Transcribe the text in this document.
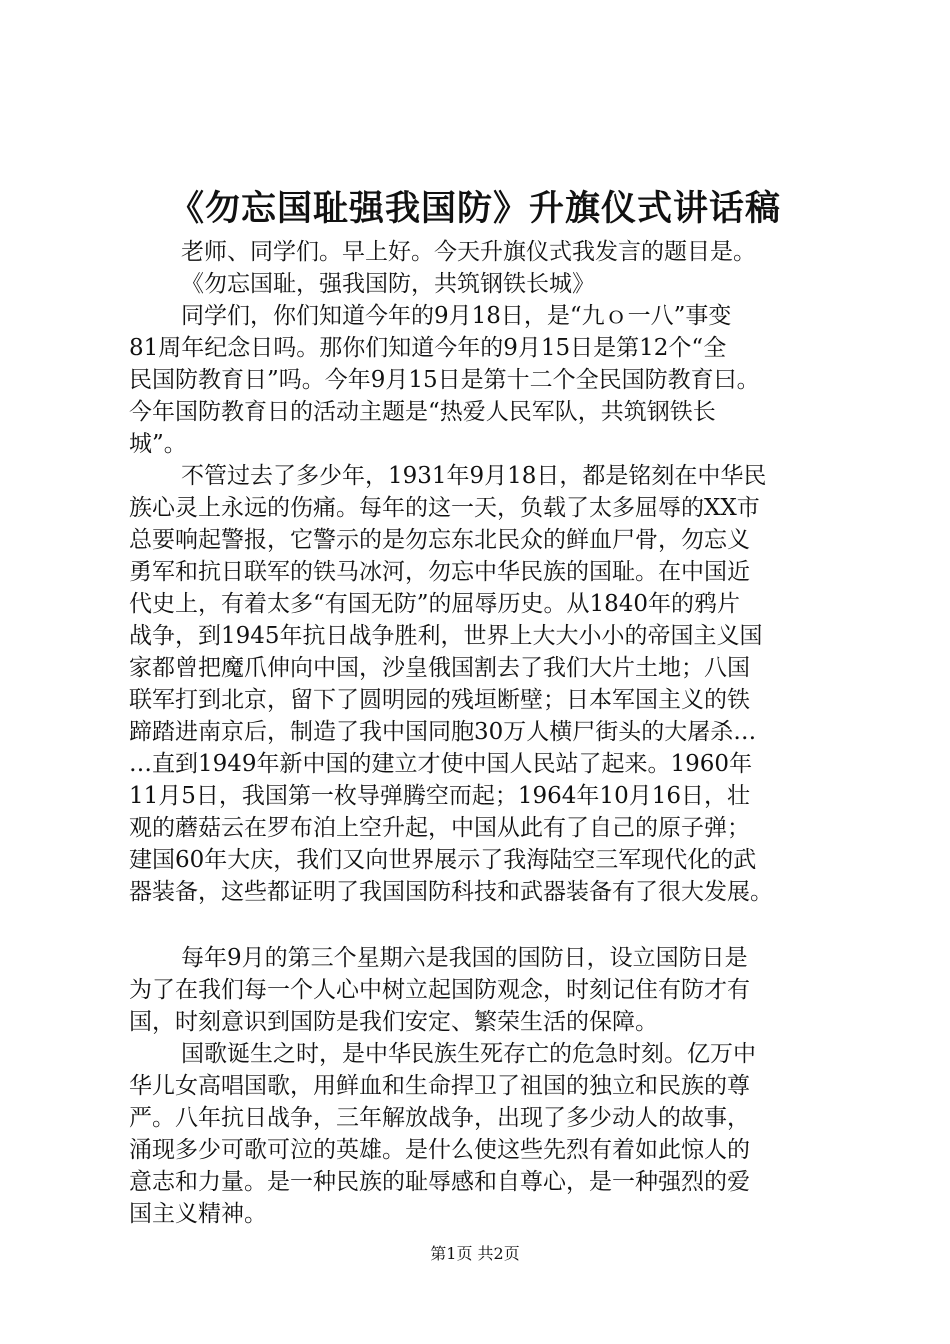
《勿忘国耻强我国防》升旗仪式讲话稿
老师、同学们。早上好。今天升旗仪式我发言的题目是。
《勿忘国耻，强我国防，共筑钢铁长城》
同学们，你们知道今年的9月18日，是“九ｏ一八”事变
81周年纪念日吗。那你们知道今年的9月15日是第12个“全
民国防教育日”吗。今年9月15日是第十二个全民国防教育曰。
今年国防教育日的活动主题是“热爱人民军队，共筑钢铁长
城”。
不管过去了多少年，1931年9月18日，都是铭刻在中华民
族心灵上永远的伤痛。每年的这一天，负载了太多屈辱的XX市
总要响起警报，它警示的是勿忘东北民众的鲜血尸骨，勿忘义
勇军和抗日联军的铁马冰河，勿忘中华民族的国耻。在中国近
代史上，有着太多“有国无防”的屈辱历史。从1840年的鸦片
战争，到1945年抗日战争胜利，世界上大大小小的帝国主义国
家都曾把魔爪伸向中国，沙皇俄国割去了我们大片土地；八国
联军打到北京，留下了圆明园的残垣断壁；日本军国主义的铁
蹄踏进南京后，制造了我中国同胞30万人横尸街头的大屠杀…
…直到1949年新中国的建立才使中国人民站了起来。1960年
11月5日，我国第一枚导弹腾空而起；1964年10月16日，壮
观的蘑菇云在罗布泊上空升起，中国从此有了自己的原子弹；
建国60年大庆，我们又向世界展示了我海陆空三军现代化的武
器装备，这些都证明了我国国防科技和武器装备有了很大发展。
每年9月的第三个星期六是我国的国防日，设立国防日是
为了在我们每一个人心中树立起国防观念，时刻记住有防才有
国，时刻意识到国防是我们安定、繁荣生活的保障。
国歌诞生之时，是中华民族生死存亡的危急时刻。亿万中
华儿女高唱国歌，用鲜血和生命捍卫了祖国的独立和民族的尊
严。八年抗日战争，三年解放战争，出现了多少动人的故事，
涌现多少可歌可泣的英雄。是什么使这些先烈有着如此惊人的
意志和力量。是一种民族的耻辱感和自尊心，是一种强烈的爱
国主义精神。
第1页 共2页
